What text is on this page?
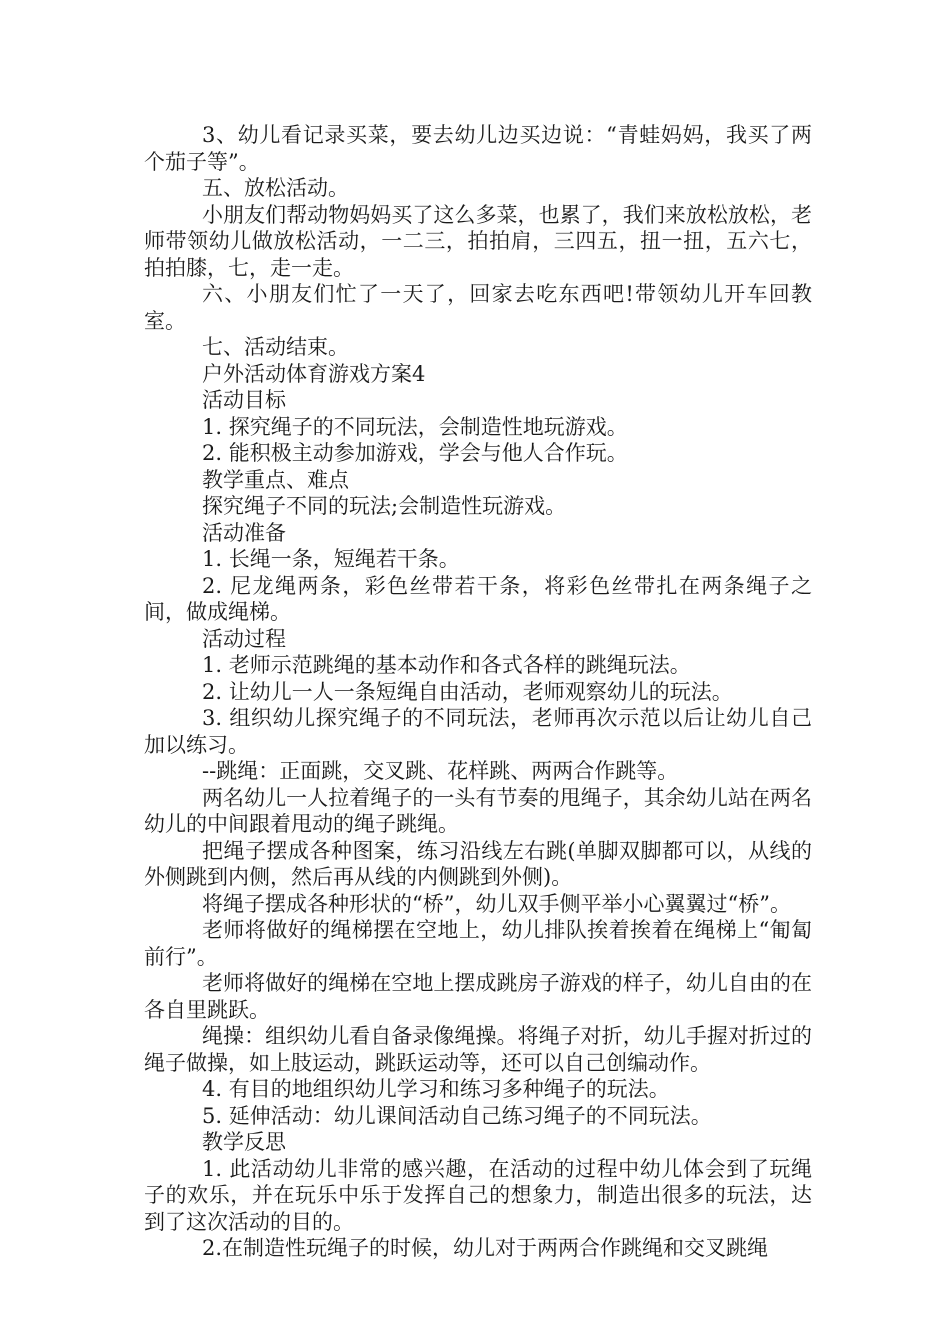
3、幼儿看记录买菜，要去幼儿边买边说：“青蛙妈妈，我买了两个茄子等”。

五、放松活动。

小朋友们帮动物妈妈买了这么多菜，也累了，我们来放松放松，老师带领幼儿做放松活动，一二三，拍拍肩，三四五，扭一扭，五六七，拍拍膝，七，走一走。

六、小朋友们忙了一天了，回家去吃东西吧!带领幼儿开车回教室。

七、活动结束。

户外活动体育游戏方案4

活动目标

1. 探究绳子的不同玩法，会制造性地玩游戏。

2. 能积极主动参加游戏，学会与他人合作玩。

教学重点、难点

探究绳子不同的玩法;会制造性玩游戏。

活动准备

1. 长绳一条，短绳若干条。

2. 尼龙绳两条，彩色丝带若干条，将彩色丝带扎在两条绳子之间，做成绳梯。

活动过程

1. 老师示范跳绳的基本动作和各式各样的跳绳玩法。

2. 让幼儿一人一条短绳自由活动，老师观察幼儿的玩法。

3. 组织幼儿探究绳子的不同玩法，老师再次示范以后让幼儿自己加以练习。

--跳绳：正面跳，交叉跳、花样跳、两两合作跳等。

两名幼儿一人拉着绳子的一头有节奏的甩绳子，其余幼儿站在两名幼儿的中间跟着甩动的绳子跳绳。

把绳子摆成各种图案，练习沿线左右跳(单脚双脚都可以，从线的外侧跳到内侧，然后再从线的内侧跳到外侧)。

将绳子摆成各种形状的“桥”，幼儿双手侧平举小心翼翼过“桥”。

老师将做好的绳梯摆在空地上，幼儿排队挨着挨着在绳梯上“匍匐前行”。

老师将做好的绳梯在空地上摆成跳房子游戏的样子，幼儿自由的在各自里跳跃。

绳操：组织幼儿看自备录像绳操。将绳子对折，幼儿手握对折过的绳子做操，如上肢运动，跳跃运动等，还可以自己创编动作。

4. 有目的地组织幼儿学习和练习多种绳子的玩法。

5. 延伸活动：幼儿课间活动自己练习绳子的不同玩法。

教学反思

1. 此活动幼儿非常的感兴趣，在活动的过程中幼儿体会到了玩绳子的欢乐，并在玩乐中乐于发挥自己的想象力，制造出很多的玩法，达到了这次活动的目的。

2.在制造性玩绳子的时候，幼儿对于两两合作跳绳和交叉跳绳
